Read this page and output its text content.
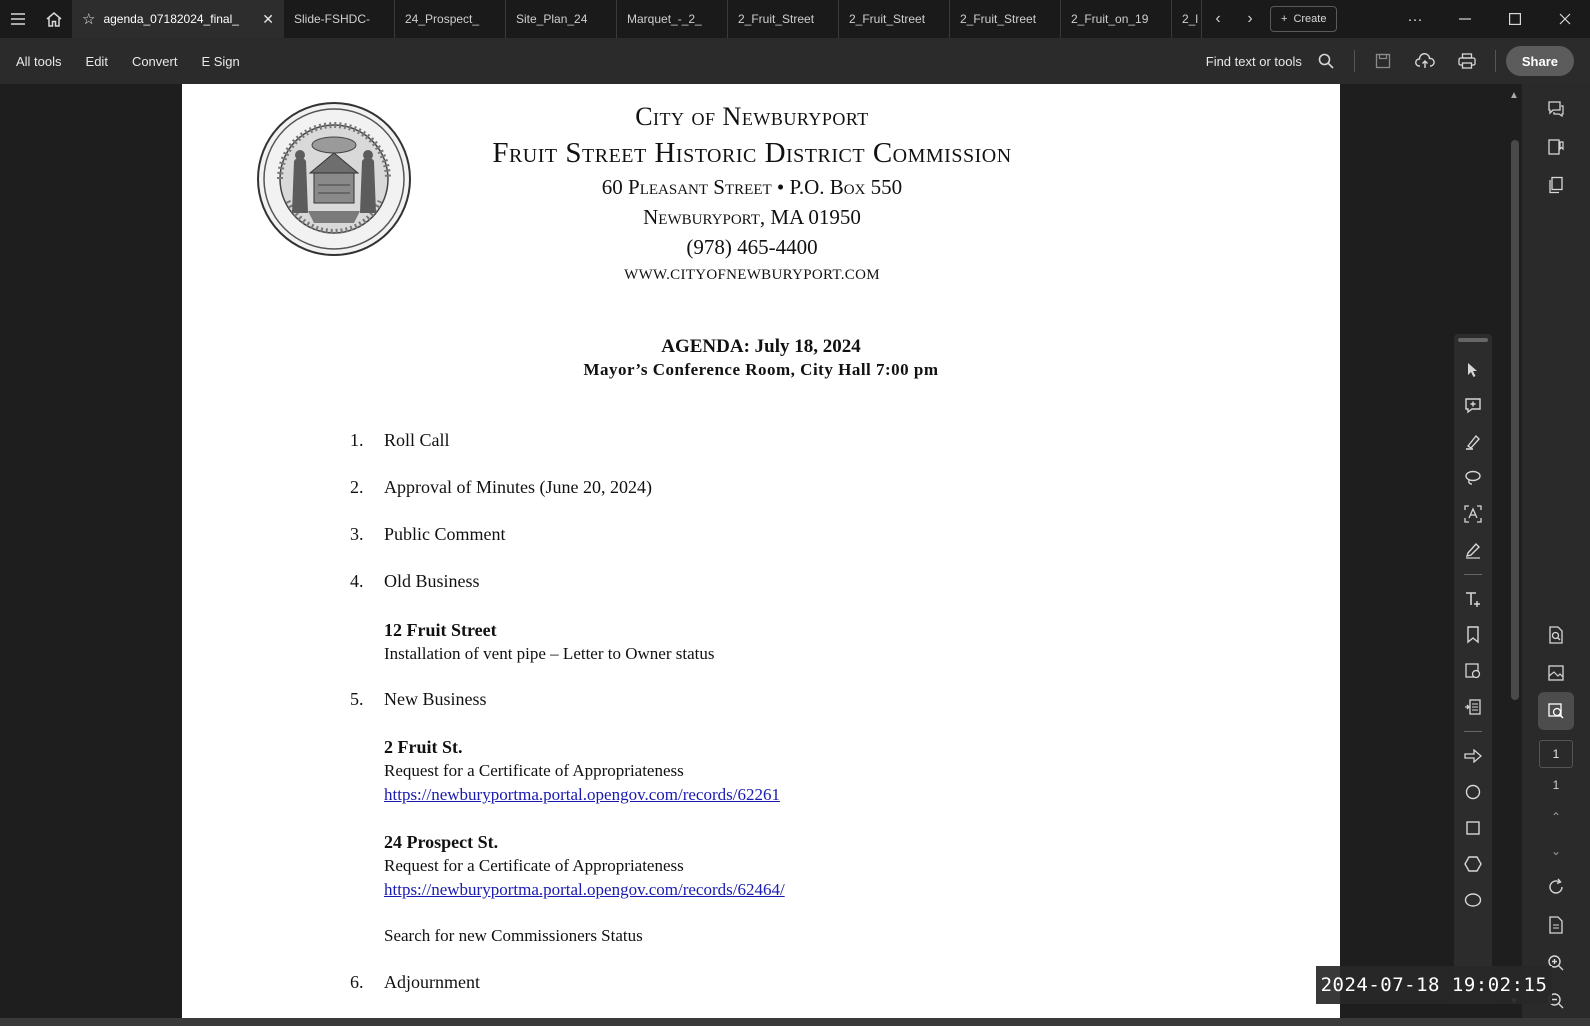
☆ agenda_07182024_final_ ✕ Slide-FSHDC-	24_Prospect_	Site_Plan_24	Marquet_-_2_	2_Fruit_Street	2_Fruit_Street	2_Fruit_Street	2_Fruit_on_19	2_l	‹	›	+ Create	···
All tools	Edit	Convert	E Sign	Find text or tools	Share
City of Newburyport
Fruit Street Historic District Commission
60 Pleasant Street • P.O. Box 550
Newburyport, MA 01950
(978) 465-4400
WWW.CITYOFNEWBURYPORT.COM
AGENDA: July 18, 2024
Mayor’s Conference Room, City Hall 7:00 pm
1.	Roll Call
2.	Approval of Minutes (June 20, 2024)
3.	Public Comment
4.	Old Business
12 Fruit Street
Installation of vent pipe – Letter to Owner status
5.	New Business
2 Fruit St.
Request for a Certificate of Appropriateness
https://newburyportma.portal.opengov.com/records/62261
24 Prospect St.
Request for a Certificate of Appropriateness
https://newburyportma.portal.opengov.com/records/62464/
Search for new Commissioners Status
6.	Adjournment
▲
1
1
⌃
⌄
2024-07-18 19:02:15
